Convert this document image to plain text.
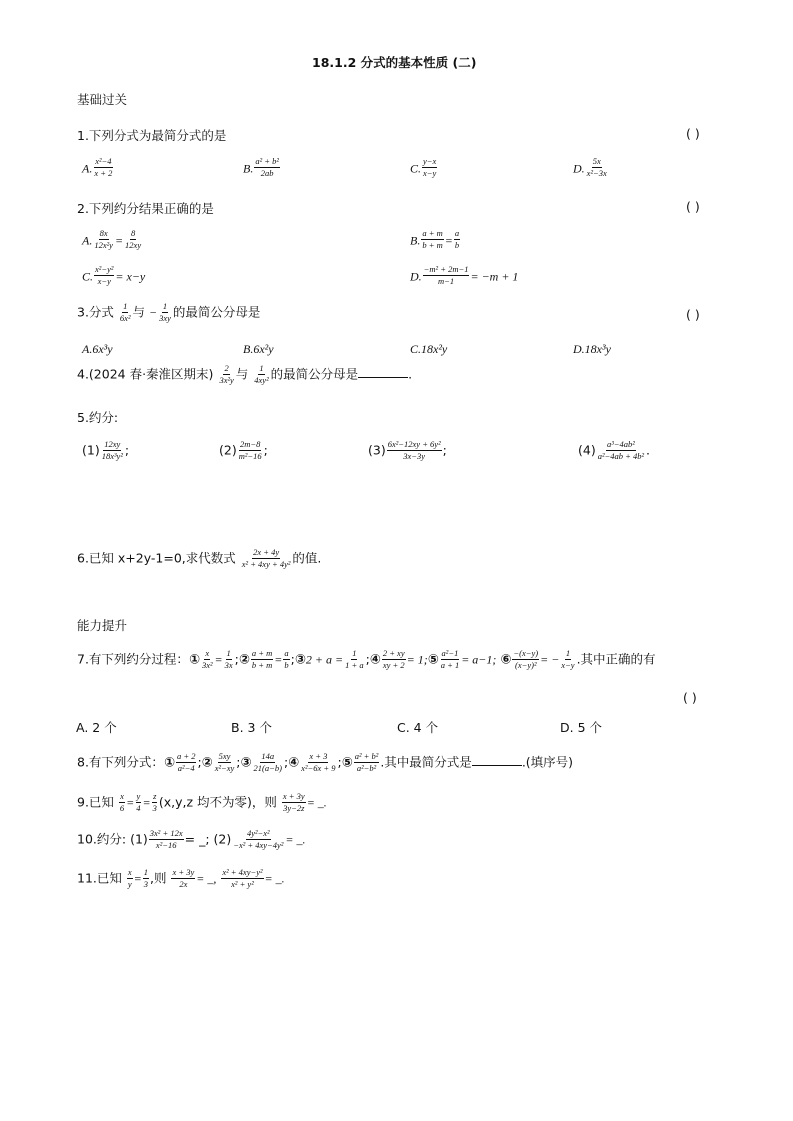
18.1.2 分式的基本性质 (二)
基础过关
1.下列分式为最简分式的是	( )
A. $\frac{\text{x²−4}}{x + 2}$	B. $\frac{\text{a² + b²}}{2ab}$	C. $\frac{y-x}{x-y}$	D. $\frac{5x}{\text{x²−3x}}$
2.下列约分结果正确的是	( )
A. $\frac{8x}{\text{12x²y}} = \frac{8}{12xy}$	B. $\frac{a + m}{b + m} = \frac{a}{b}$
C. $\frac{\text{x²−y²}}{x-y} = x-y$	D. $\frac{\text{−m² + 2m−1}}{m-1} = -m + 1$
3.分式 $\frac{1}{\text{6x²}}$ 与 − $\frac{1}{3xy}$ 的最简公分母是	( )
A.6x³y	B.6x²y	C.18x²y	D.18x³y
4.(2024 春·秦淮区期末) $\frac{2}{\text{3x²y}}$ 与 $\frac{1}{\text{4xy²}}$ 的最简公分母是	.
5.约分:
$(1) \frac{12xy}{\text{18x³y²}}$ ;	$(2) \frac{2m-8}{\text{m²−16}}$ ;	$(3) \frac{\text{6x²−12xy + 6y²}}{3x-3y}$ ;	$(4) \frac{\text{a³−4ab²}}{\text{a²−4ab + 4b²}}$ .
6.已知 x+2y-1=0,求代数式 $\frac{2x + 4y}{\text{x² + 4xy + 4y²}}$ 的值.
能力提升
7.有下列约分过程：① $\frac{x}{\text{3x²}} = \frac{1}{3x}$ ;② $\frac{a + m}{b + m} = \frac{a}{b}$ ;③2 + $a = \frac{1}{1 + a}$ ;④ $\frac{2 + xy}{xy + 2}$ = 1;⑤ $\frac{\text{a²−1}}{a + 1} = a-1$; ⑥ $\frac{-(x-y)}{\text{(x−y)²}}$ = − $\frac{1}{x-y}$ .其中正确的有
( )
A. 2 个	B. 3 个	C. 4 个	D. 5 个
8.有下列分式：① $\frac{a + 2}{\text{a²−4}}$ ;② $\frac{5xy}{\text{x²−xy}}$ ;③ $\frac{14a}{21(a-b)}$ ;④ $\frac{x + 3}{\text{x²−6x + 9}}$ ;⑤ $\frac{\text{a² + b²}}{\text{a²−b²}}$ .其中最简分式是	.(填序号)
9.已知 $\frac{x}{6} = \frac{y}{4} = \frac{z}{3} (x,y,z$ 均不为零)，则 $\frac{x + 3y}{3y-2z}$ = _.
10.约分: $(1) \frac{\text{3x² + 12x}}{\text{x²−16}}$ = _; $(2) \frac{\text{4y²−x²}}{\text{−x² + 4xy−4y²}}$ = _.
11.已知 $\frac{x}{y} = \frac{1}{3}$ ,则 $\frac{x + 3y}{2x}$ = _, $\frac{\text{x² + 4xy−y²}}{\text{x² + y²}}$ = _.
